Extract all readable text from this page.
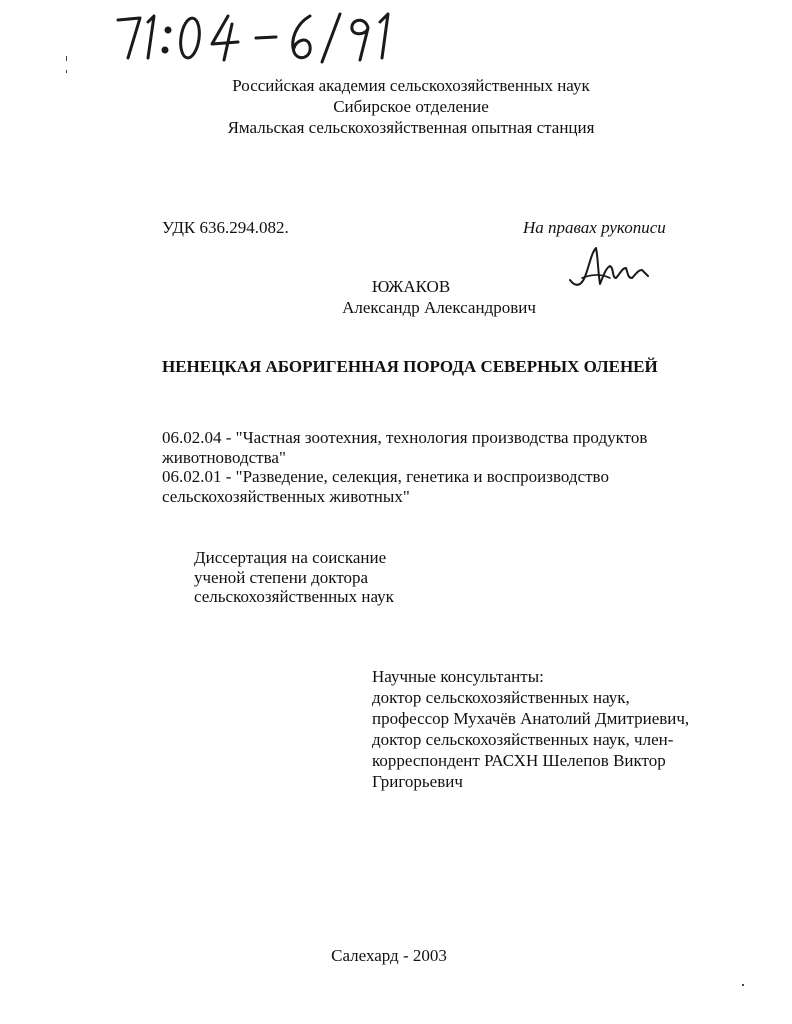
Российская академия сельскохозяйственных наук
Сибирское отделение
Ямальская сельскохозяйственная опытная станция
УДК 636.294.082.	На правах рукописи
ЮЖАКОВ
Александр Александрович
НЕНЕЦКАЯ АБОРИГЕННАЯ ПОРОДА СЕВЕРНЫХ ОЛЕНЕЙ
06.02.04 - "Частная зоотехния, технология производства продуктов
животноводства"
06.02.01 - "Разведение, селекция, генетика и воспроизводство
сельскохозяйственных животных"
Диссертация на соискание
ученой степени доктора
сельскохозяйственных наук
Научные консультанты:
доктор сельскохозяйственных наук,
профессор Мухачёв Анатолий Дмитриевич,
доктор сельскохозяйственных наук, член-
корреспондент РАСХН Шелепов Виктор
Григорьевич
Салехард - 2003
